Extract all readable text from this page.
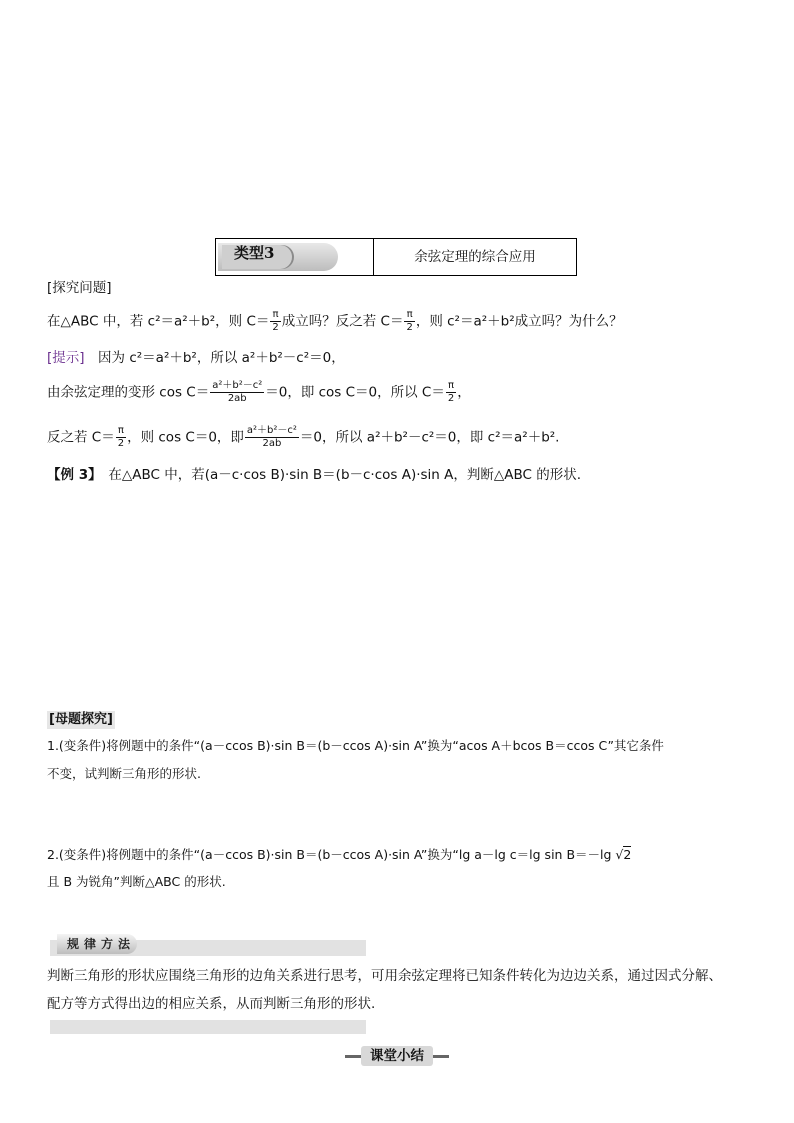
类型3	余弦定理的综合应用
[探究问题]
在△ABC 中，若 c²＝a²＋b²，则 $C= \frac{\pi}{2}$ 成立吗？反之若 $C= \frac{\pi}{2}$ ，则 c²＝a²＋b²成立吗？为什么？
[提示]　因为 c²＝a²＋b²，所以 a²＋b²－c²＝0，
由余弦定理的变形 $\cos C= \frac{\text{a²＋b²－c²}}{2ab} =0$，即 cos C＝0，所以 $C= \frac{\pi}{2}$ ，
反之若 $C= \frac{\pi}{2}$ ，则 cos C＝0，即 $\frac{\text{a²＋b²－c²}}{2ab} =0$，所以 a²＋b²－c²＝0，即 c²＝a²＋b².
【例 3】　在△ABC 中，若(a－c·cos B)·sin B＝(b－c·cos A)·sin A，判断△ABC 的形状.
[母题探究]
1.(变条件)将例题中的条件“(a－ccos B)·sin B＝(b－ccos A)·sin A”换为“acos A＋bcos B＝ccos C”其它条件
不变，试判断三角形的形状.
2.(变条件)将例题中的条件“(a－ccos B)·sin B＝(b－ccos A)·sin A”换为“lg a－lg c＝lg sin B＝－lg √2
且 B 为锐角”判断△ABC 的形状.
规律方法
判断三角形的形状应围绕三角形的边角关系进行思考，可用余弦定理将已知条件转化为边边关系，通过因式分解、
配方等方式得出边的相应关系，从而判断三角形的形状.
课堂小结
